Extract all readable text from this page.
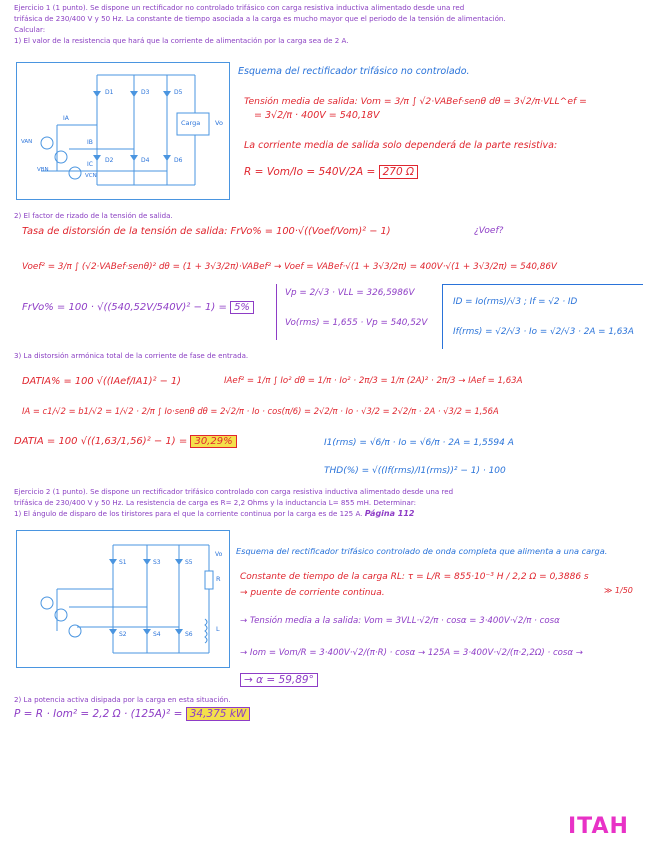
Ejercicio 1 (1 punto). Se dispone un rectificador no controlado trifásico con carga resistiva inductiva alimentado desde una red
trifásica de 230/400 V y 50 Hz. La constante de tiempo asociada a la carga es mucho mayor que el periodo de la tensión de alimentación.
Calcular:
1) El valor de la resistencia que hará que la corriente de alimentación por la carga sea de 2 A.
D1	D3	D5
D2	D4	D6
IA
IB
IC
VAN
VBN
VCN
Carga Vo
Esquema del rectificador trifásico no controlado.
Tensión media de salida: Vom = 3/π ∫ √2·VABef·senθ dθ = 3√2/π·VLL^ef =
= 3√2/π · 400V = 540,18V
La corriente media de salida solo dependerá de la parte resistiva:
R = Vom/Io = 540V/2A = 270 Ω
2) El factor de rizado de la tensión de salida.
Tasa de distorsión de la tensión de salida: FrVo% = 100·√((Voef/Vom)² − 1)	¿Voef?
Voef² = 3/π ∫ (√2·VABef·senθ)² dθ = (1 + 3√3/2π)·VABef² → Voef = VABef·√(1 + 3√3/2π) = 400V·√(1 + 3√3/2π) = 540,86V
FrVo% = 100 · √((540,52V/540V)² − 1) = 5%
Vp = 2/√3 · VLL = 326,5986V
Vo(rms) = 1,655 · Vp = 540,52V
ID = Io(rms)/√3 ; If = √2 · ID
If(rms) = √2/√3 · Io = √2/√3 · 2A = 1,63A
3) La distorsión armónica total de la corriente de fase de entrada.
DATIA% = 100 √((IAef/IA1)² − 1)	IAef² = 1/π ∫ Io² dθ = 1/π · Io² · 2π/3 = 1/π (2A)² · 2π/3 → IAef = 1,63A
IA = c1/√2 = b1/√2 = 1/√2 · 2/π ∫ Io·senθ dθ = 2√2/π · Io · cos(π/6) = 2√2/π · Io · √3/2 = 2√2/π · 2A · √3/2 = 1,56A
DATIA = 100 √((1,63/1,56)² − 1) = 30,29%	I1(rms) = √6/π · Io = √6/π · 2A = 1,5594 A
THD(%) = √((If(rms)/I1(rms))² − 1) · 100
Ejercicio 2 (1 punto). Se dispone un rectificador trifásico controlado con carga resistiva inductiva alimentado desde una red
trifásica de 230/400 V y 50 Hz. La resistencia de carga es R= 2,2 Ohms y la inductancia L= 855 mH. Determinar:
1) El ángulo de disparo de los tiristores para el que la corriente continua por la carga es de 125 A. Página 112
S1	S3	S5
S2	S4	S6
Vo
R
L
Esquema del rectificador trifásico controlado de onda completa que alimenta a una carga.
Constante de tiempo de la carga RL: τ = L/R = 855·10⁻³ H / 2,2 Ω = 0,3886 s
≫ 1/50
→ puente de corriente continua.
→ Tensión media a la salida: Vom = 3VLL·√2/π · cosα = 3·400V·√2/π · cosα
→ Iom = Vom/R = 3·400V·√2/(π·R) · cosα → 125A = 3·400V·√2/(π·2,2Ω) · cosα →
→ α = 59,89°
2) La potencia activa disipada por la carga en esta situación.
P = R · Iom² = 2,2 Ω · (125A)² = 34,375 kW
ITAH
